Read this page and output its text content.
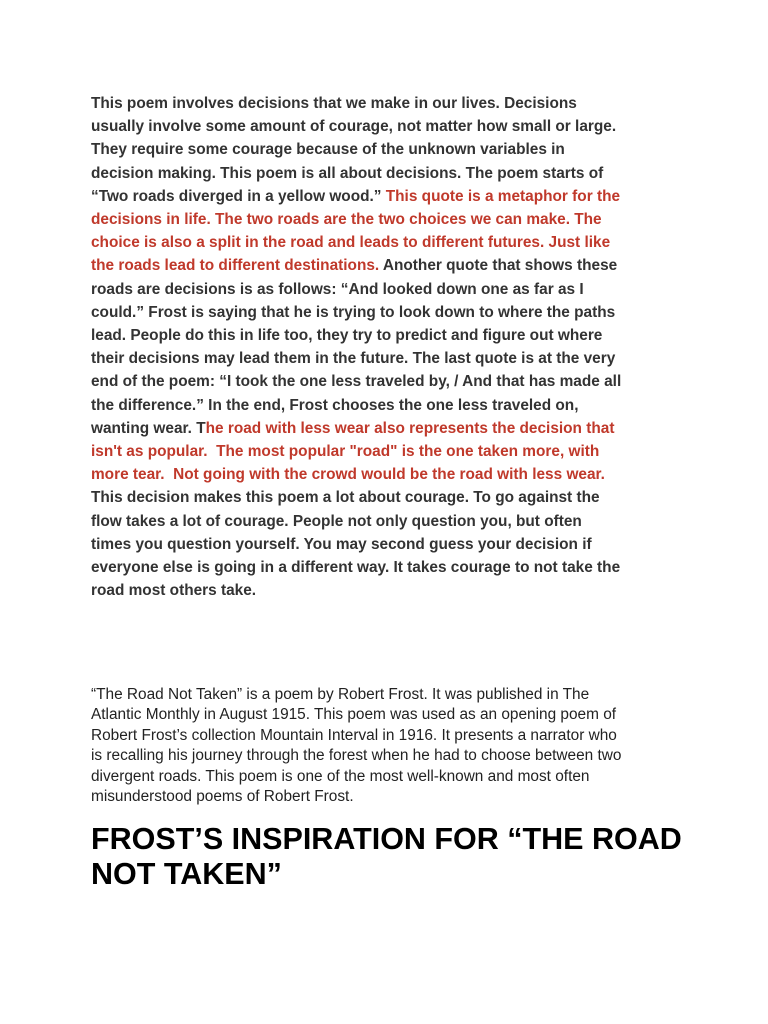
This poem involves decisions that we make in our lives. Decisions
usually involve some amount of courage, not matter how small or large.
They require some courage because of the unknown variables in
decision making. This poem is all about decisions. The poem starts of
“Two roads diverged in a yellow wood.” This quote is a metaphor for the
decisions in life. The two roads are the two choices we can make. The
choice is also a split in the road and leads to different futures. Just like
the roads lead to different destinations. Another quote that shows these
roads are decisions is as follows: “And looked down one as far as I
could.” Frost is saying that he is trying to look down to where the paths
lead. People do this in life too, they try to predict and figure out where
their decisions may lead them in the future. The last quote is at the very
end of the poem: “I took the one less traveled by, / And that has made all
the difference.” In the end, Frost chooses the one less traveled on,
wanting wear. The road with less wear also represents the decision that
isn't as popular.  The most popular "road" is the one taken more, with
more tear.  Not going with the crowd would be the road with less wear.
This decision makes this poem a lot about courage. To go against the
flow takes a lot of courage. People not only question you, but often
times you question yourself. You may second guess your decision if
everyone else is going in a different way. It takes courage to not take the
road most others take.
“The Road Not Taken” is a poem by Robert Frost. It was published in The
Atlantic Monthly in August 1915. This poem was used as an opening poem of
Robert Frost’s collection Mountain Interval in 1916. It presents a narrator who
is recalling his journey through the forest when he had to choose between two
divergent roads. This poem is one of the most well-known and most often
misunderstood poems of Robert Frost.
FROST’S INSPIRATION FOR “THE ROAD
NOT TAKEN”
